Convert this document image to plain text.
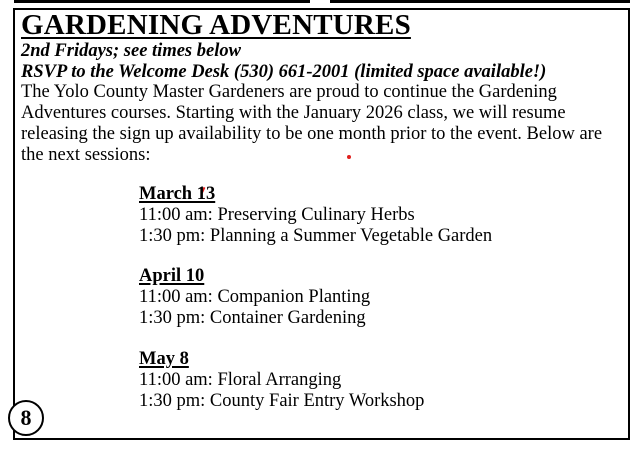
GARDENING ADVENTURES
2nd Fridays; see times below
RSVP to the Welcome Desk (530) 661-2001 (limited space available!)

The Yolo County Master Gardeners are proud to continue the Gardening Adventures courses. Starting with the January 2026 class, we will resume releasing the sign up availability to be one month prior to the event. Below are the next sessions:

March 13
11:00 am: Preserving Culinary Herbs
1:30 pm: Planning a Summer Vegetable Garden
April 10
11:00 am: Companion Planting
1:30 pm: Container Gardening
May 8
11:00 am: Floral Arranging
1:30 pm: County Fair Entry Workshop
8
